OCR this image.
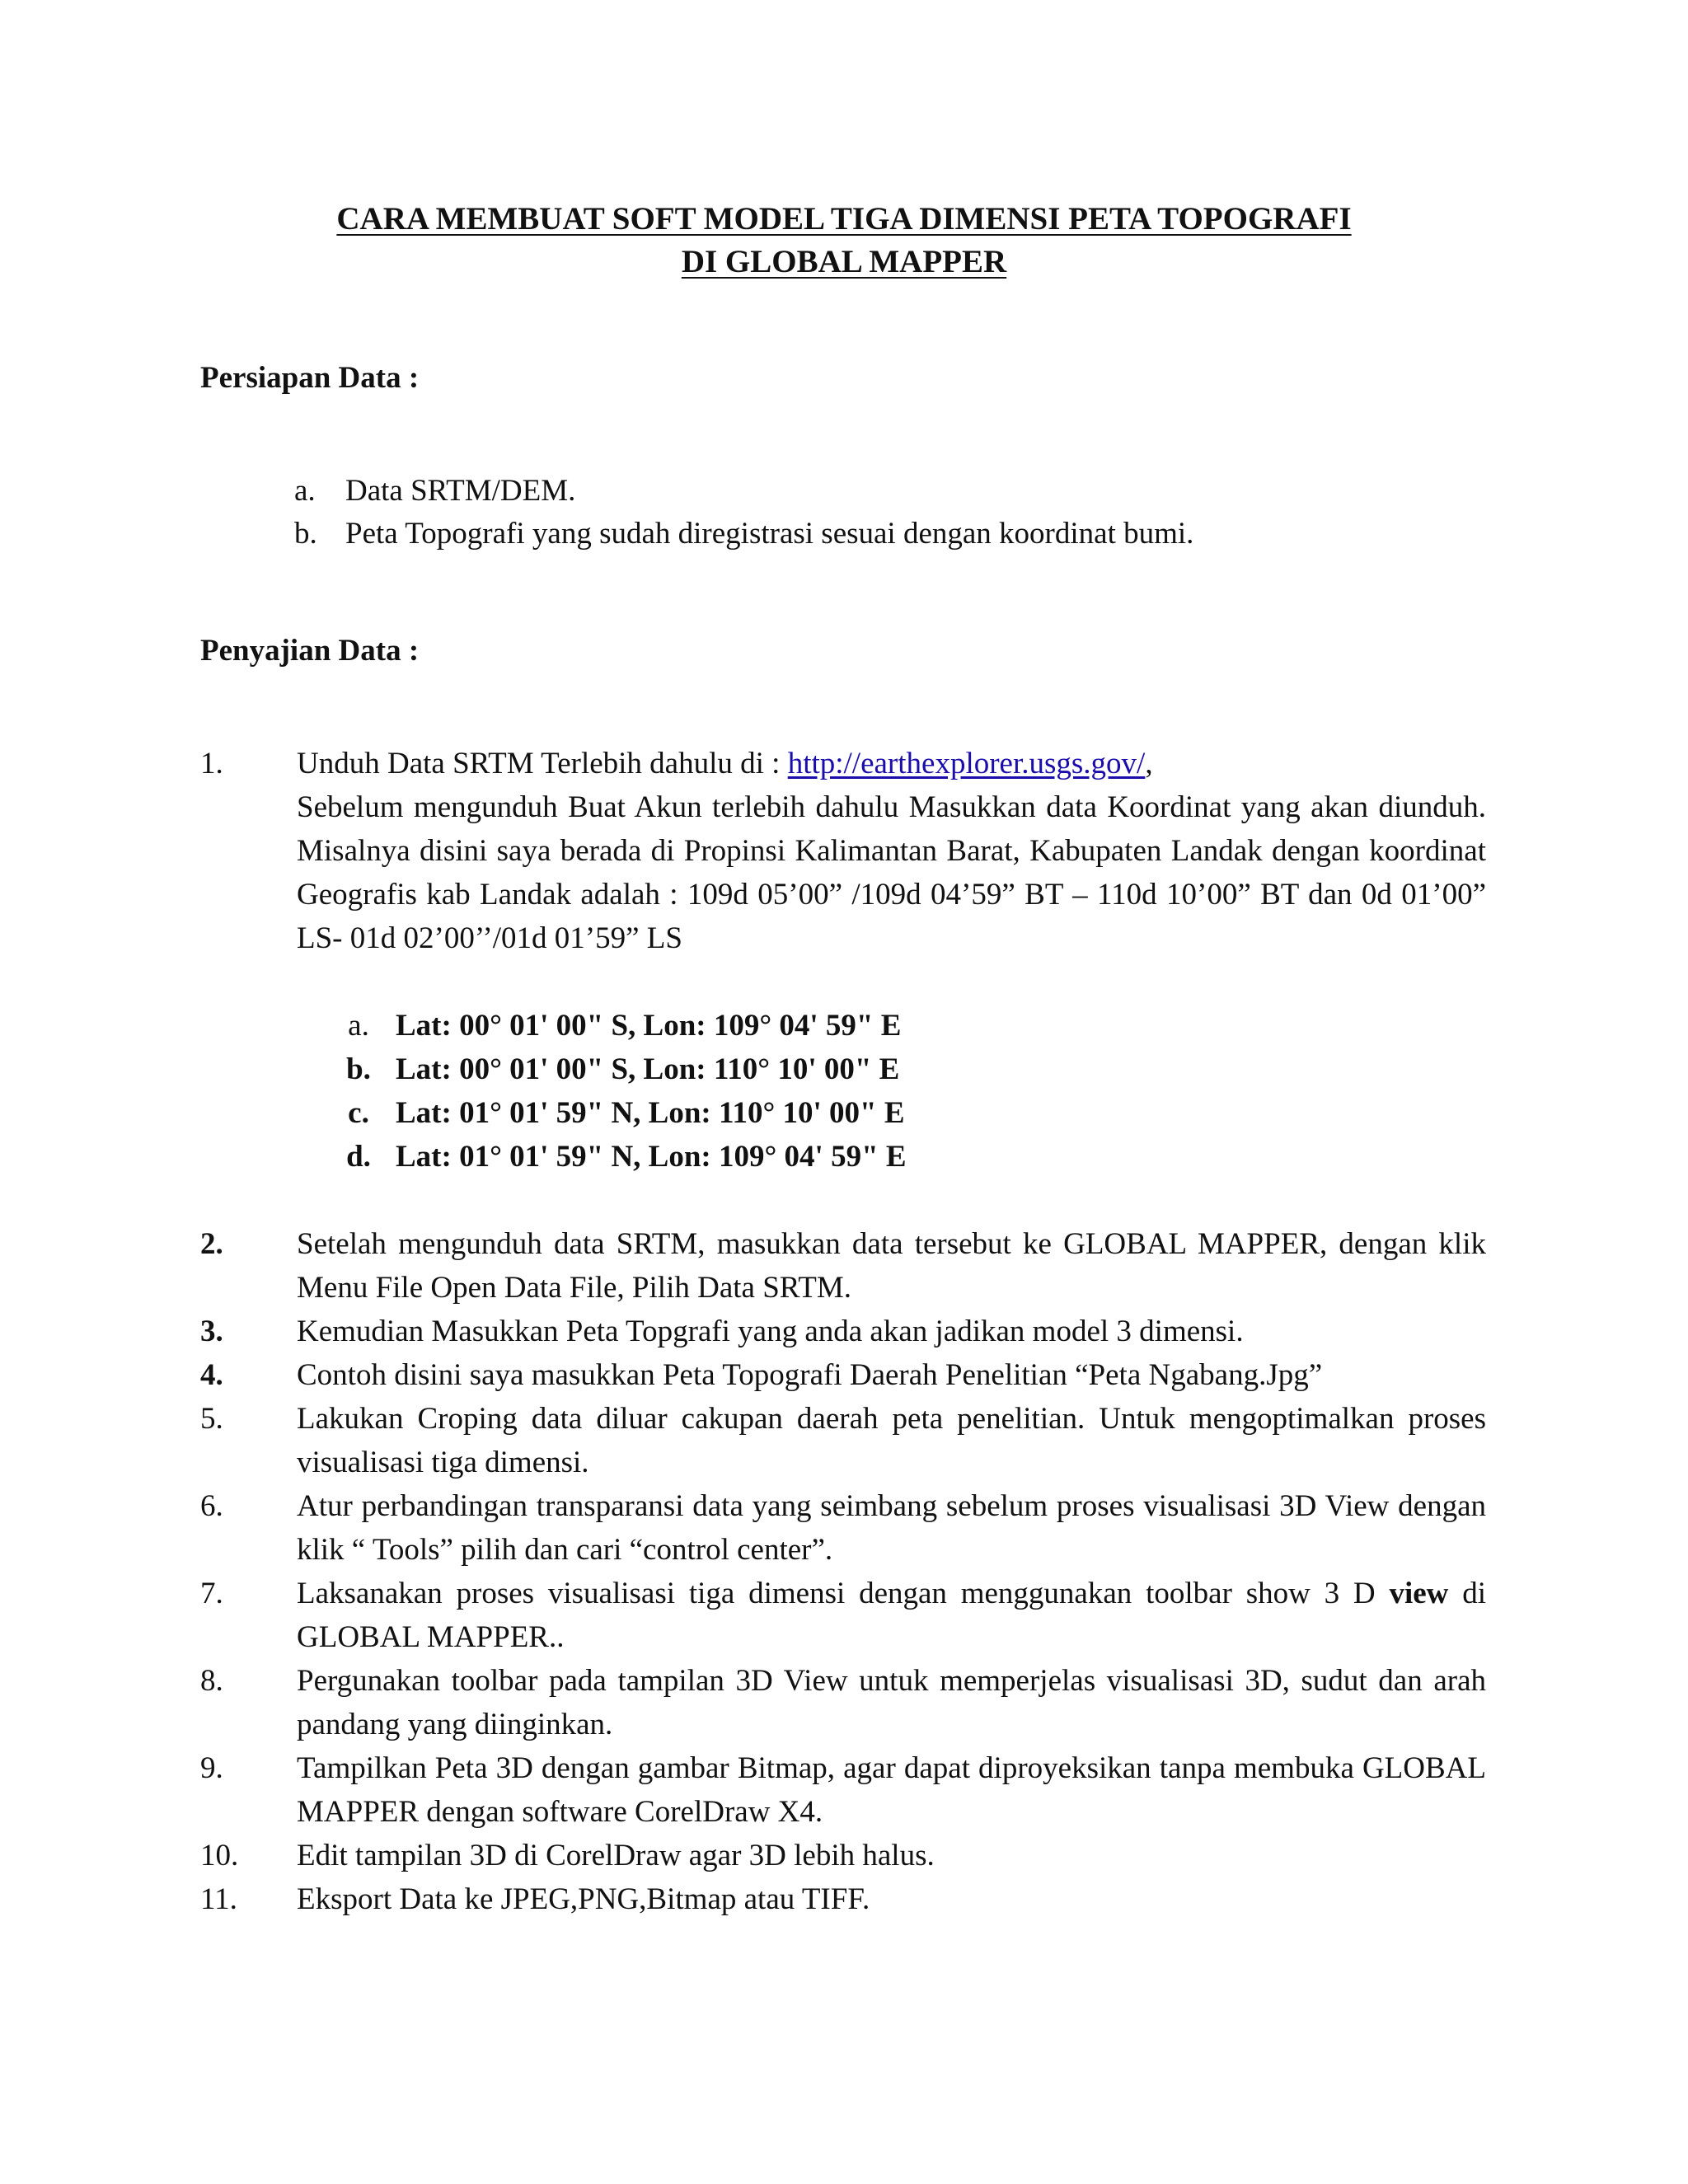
CARA MEMBUAT SOFT MODEL TIGA DIMENSI PETA TOPOGRAFI
DI GLOBAL MAPPER
Persiapan Data :
a. Data SRTM/DEM.
b. Peta Topografi yang sudah diregistrasi sesuai dengan koordinat bumi.
Penyajian Data :
1.	Unduh Data SRTM Terlebih dahulu di : http://earthexplorer.usgs.gov/,
Sebelum mengunduh Buat Akun terlebih dahulu Masukkan data Koordinat yang akan diunduh. Misalnya disini saya berada di Propinsi Kalimantan Barat, Kabupaten Landak dengan koordinat Geografis kab Landak adalah : 109d 05’00” /109d 04’59” BT – 110d 10’00” BT dan 0d 01’00” LS- 01d 02’00’’/01d 01’59” LS
a. Lat: 00° 01' 00" S, Lon: 109° 04' 59" E
b. Lat: 00° 01' 00" S, Lon: 110° 10' 00" E
c. Lat: 01° 01' 59" N, Lon: 110° 10' 00" E
d. Lat: 01° 01' 59" N, Lon: 109° 04' 59" E
2.	Setelah mengunduh data SRTM, masukkan data tersebut ke GLOBAL MAPPER, dengan klik Menu File Open Data File, Pilih Data SRTM.
3.	Kemudian Masukkan Peta Topgrafi yang anda akan jadikan model 3 dimensi.
4.	Contoh disini saya masukkan Peta Topografi Daerah Penelitian “Peta Ngabang.Jpg”
5.	Lakukan Croping data diluar cakupan daerah peta penelitian. Untuk mengoptimalkan proses visualisasi tiga dimensi.
6.	Atur perbandingan transparansi data yang seimbang sebelum proses visualisasi 3D View dengan klik “ Tools” pilih dan cari “control center”.
7.	Laksanakan proses visualisasi tiga dimensi dengan menggunakan toolbar show 3 D view di GLOBAL MAPPER..
8.	Pergunakan toolbar pada tampilan 3D View untuk memperjelas visualisasi 3D, sudut dan arah pandang yang diinginkan.
9.	Tampilkan Peta 3D dengan gambar Bitmap, agar dapat diproyeksikan tanpa membuka GLOBAL MAPPER dengan software CorelDraw X4.
10.	Edit tampilan 3D di CorelDraw agar 3D lebih halus.
11.	Eksport Data ke JPEG,PNG,Bitmap atau TIFF.
